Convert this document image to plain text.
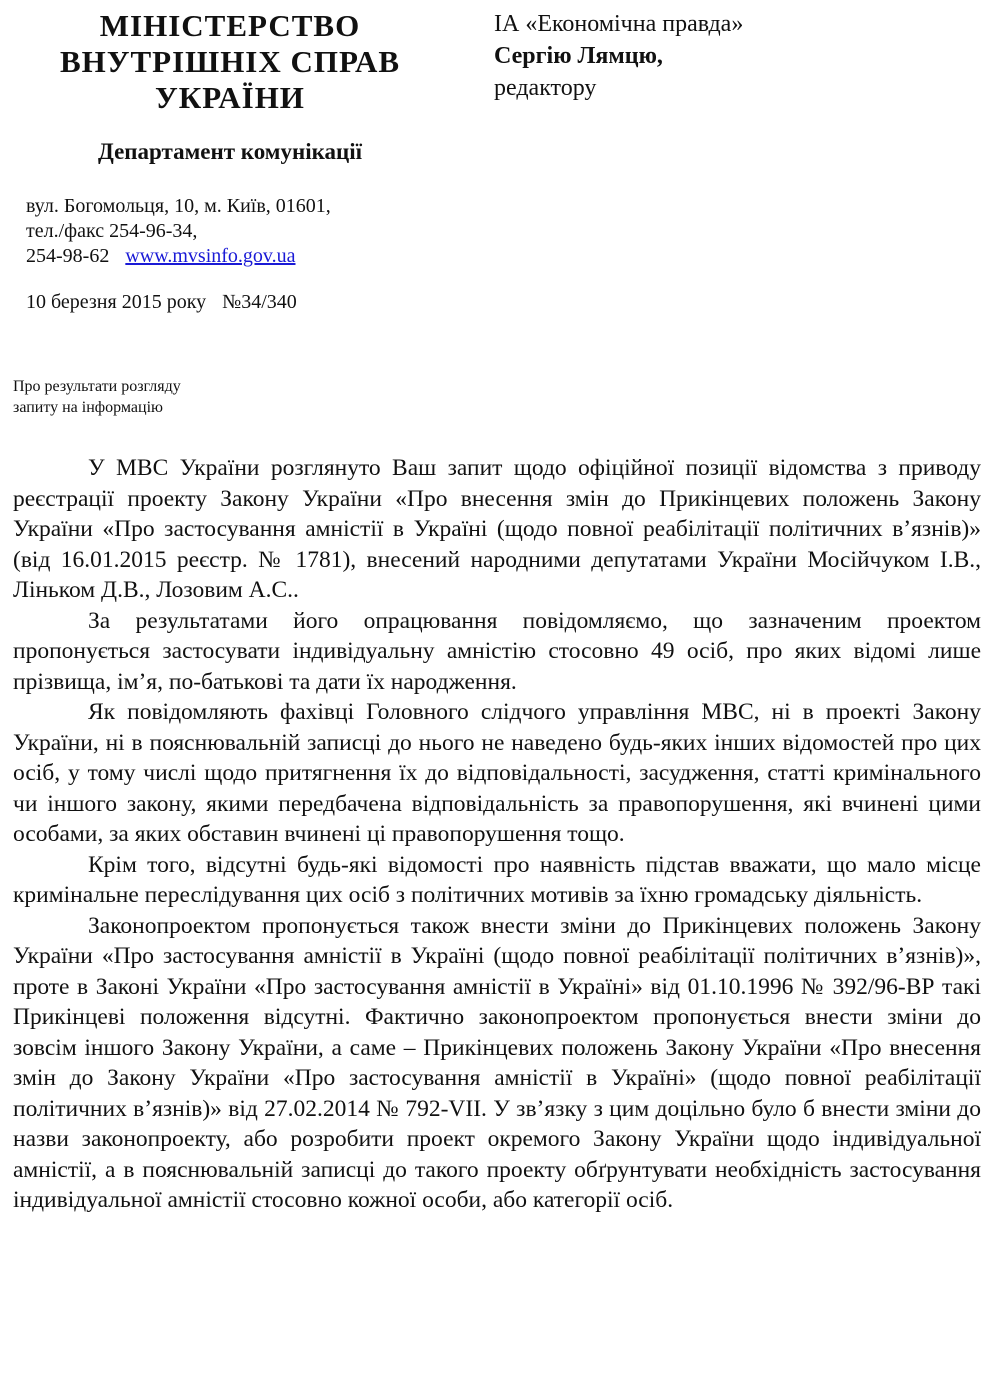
МІНІСТЕРСТВО
ВНУТРІШНІХ СПРАВ
УКРАЇНИ
Департамент комунікації
вул. Богомольця, 10, м. Київ, 01601,
тел./факс 254-96-34,
254-98-62 www.mvsinfo.gov.ua
10 березня 2015 року №34/340
ІА «Економічна правда»
Сергію Лямцю,
редактору
Про результати розгляду
запиту на інформацію

У МВС України розглянуто Ваш запит щодо офіційної позиції відомства з приводу реєстрації проекту Закону України «Про внесення змін до Прикінцевих положень Закону України «Про застосування амністії в Україні (щодо повної реабілітації політичних в’язнів)» (від 16.01.2015 реєстр. № 1781), внесений народними депутатами України Мосійчуком І.В., Ліньком Д.В., Лозовим А.С..

За результатами його опрацювання повідомляємо, що зазначеним проектом пропонується застосувати індивідуальну амністію стосовно 49 осіб, про яких відомі лише прізвища, ім’я, по-батькові та дати їх народження.

Як повідомляють фахівці Головного слідчого управління МВС, ні в проекті Закону України, ні в пояснювальній записці до нього не наведено будь-яких інших відомостей про цих осіб, у тому числі щодо притягнення їх до відповідальності, засудження, статті кримінального чи іншого закону, якими передбачена відповідальність за правопорушення, які вчинені цими особами, за яких обставин вчинені ці правопорушення тощо.

Крім того, відсутні будь-які відомості про наявність підстав вважати, що мало місце кримінальне переслідування цих осіб з політичних мотивів за їхню громадську діяльність.

Законопроектом пропонується також внести зміни до Прикінцевих положень Закону України «Про застосування амністії в Україні (щодо повної реабілітації політичних в’язнів)», проте в Законі України «Про застосування амністії в Україні» від 01.10.1996 № 392/96-ВР такі Прикінцеві положення відсутні. Фактично законопроектом пропонується внести зміни до зовсім іншого Закону України, а саме – Прикінцевих положень Закону України «Про внесення змін до Закону України «Про застосування амністії в Україні» (щодо повної реабілітації політичних в’язнів)» від 27.02.2014 № 792-VII. У зв’язку з цим доцільно було б внести зміни до назви законопроекту, або розробити проект окремого Закону України щодо індивідуальної амністії, а в пояснювальній записці до такого проекту обґрунтувати необхідність застосування індивідуальної амністії стосовно кожної особи, або категорії осіб.
